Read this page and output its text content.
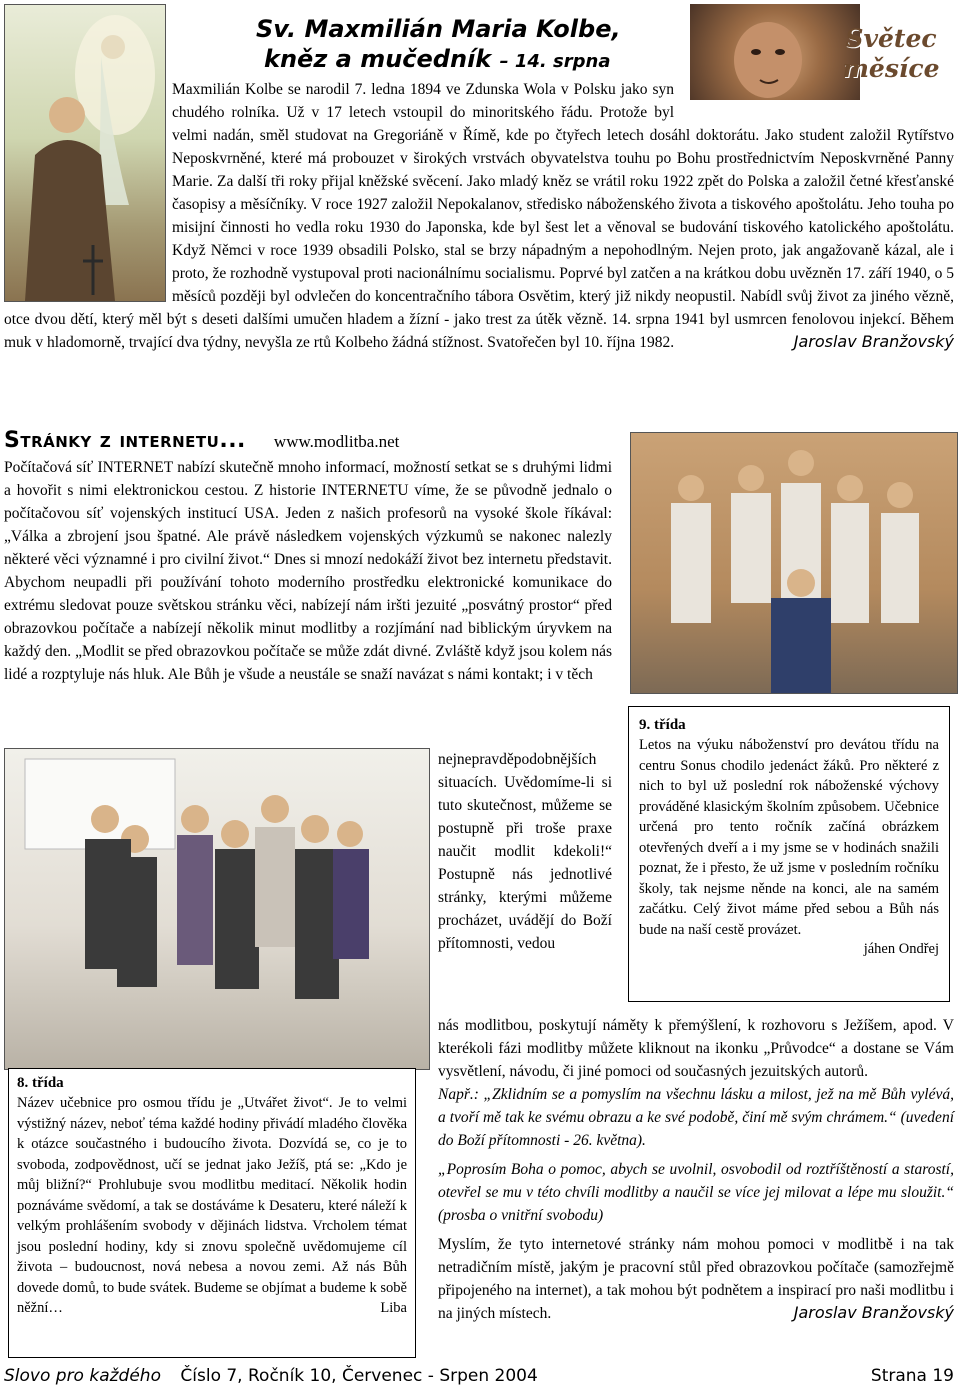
Sv. Maxmilián Maria Kolbe,
kněz a mučedník – 14. srpna
Světec
měsíce

Maxmilián Kolbe se narodil 7. ledna 1894 ve Zdunska Wola v Polsku jako syn chudého rolníka. Už v 17 letech vstoupil do minoritského řádu. Protože byl velmi nadán, směl studovat na Gregoriáně v Římě, kde po čtyřech letech dosáhl doktorátu. Jako student založil Rytířstvo Neposkvrněné, které má probouzet v širokých vrstvách obyvatelstva touhu po Bohu prostřednictvím Neposkvrněné Panny Marie. Za další tři roky přijal kněžské svěcení. Jako mladý kněz se vrátil roku 1922 zpět do Polska a založil četné křesťanské časopisy a měsíčníky. V roce 1927 založil Nepokalanov, středisko náboženského života a tiskového apoštolátu. Jeho touha po misijní činnosti ho vedla roku 1930 do Japonska, kde byl šest let a věnoval se budování tiskového katolického apoštolátu. Když Němci v roce 1939 obsadili Polsko, stal se brzy nápadným a nepohodlným. Nejen proto, jak angažovaně kázal, ale i proto, že rozhodně vystupoval proti nacionálnímu socialismu. Poprvé byl zatčen a na krátkou dobu uvězněn 17. září 1940, o 5 měsíců později byl odvlečen do koncentračního tábora Osvětim, který již nikdy neopustil. Nabídl svůj život za jiného vězně, otce dvou dětí, který měl být s deseti dalšími umučen hladem a žízní - jako trest za útěk vězně. 14. srpna 1941 byl usmrcen fenolovou injekcí. Během muk v hladomorně, trvající dva týdny, nevyšla ze rtů Kolbeho žádná stížnost. Svatořečen byl 10. října 1982.	Jaroslav Branžovský
Stránky z internetu... www.modlitba.net

Počítačová síť INTERNET nabízí skutečně mnoho informací, možností setkat se s druhými lidmi a hovořit s nimi elektronickou cestou. Z historie INTERNETU víme, že se původně jednalo o počítačovou síť vojenských institucí USA. Jeden z našich profesorů na vysoké škole říkával: „Válka a zbrojení jsou špatné. Ale právě následkem vojenských výzkumů se nakonec nalezly některé věci významné i pro civilní život.“ Dnes si mnozí nedokáží život bez internetu představit. Abychom neupadli při používání tohoto moderního prostředku elektronické komunikace do extrému sledovat pouze světskou stránku věci, nabízejí nám iršti jezuité „posvátný prostor“ před obrazovkou počítače a nabízejí několik minut modlitby a rozjímání nad biblickým úryvkem na každý den. „Modlit se před obrazovkou počítače se může zdát divné. Zvláště když jsou kolem nás lidé a rozptyluje nás hluk. Ale Bůh je všude a neustále se snaží navázat s námi kontakt; i v těch

nejnepravděpodobnějších situacích. Uvědomíme-li si tuto skutečnost, můžeme se postupně při troše praxe naučit modlit kdekoli!“ Postupně nás jednotlivé stránky, kterými můžeme procházet, uvádějí do Boží přítomnosti, vedou

9. třída

Letos na výuku náboženství pro devátou třídu na centru Sonus chodilo jedenáct žáků. Pro některé z nich to byl už poslední rok náboženské výchovy prováděné klasickým školním způsobem. Učebnice určená pro tento ročník začíná obrázkem otevřených dveří a i my jsme se v hodinách snažili poznat, že i přesto, že už jsme v posledním ročníku školy, tak nejsme něnde na konci, ale na samém začátku. Celý život máme před sebou a Bůh nás bude na naší cestě provázet.

jáhen Ondřej

nás modlitbou, poskytují náměty k přemýšlení, k rozhovoru s Ježíšem, apod. V kterékoli fázi modlitby můžete kliknout na ikonku „Průvodce“ a dostane se Vám vysvětlení, návodu, či jiné pomoci od současných jezuitských autorů.

Např.: „Zklidním se a pomyslím na všechnu lásku a milost, jež na mě Bůh vylévá, a tvoří mě tak ke svému obrazu a ke své podobě, činí mě svým chrámem.“ (uvedení do Boží přítomnosti - 26. května).

„Poprosím Boha o pomoc, abych se uvolnil, osvobodil od roztříštěností a starostí, otevřel se mu v této chvíli modlitby a naučil se více jej milovat a lépe mu sloužit.“ (prosba o vnitřní svobodu)

Myslím, že tyto internetové stránky nám mohou pomoci v modlitbě i na tak netradičním místě, jakým je pracovní stůl před obrazovkou počítače (samozřejmě připojeného na internet), a tak mohou být podnětem a inspirací pro naši modlitbu i na jiných místech.	Jaroslav Branžovský
8. třída

Název učebnice pro osmou třídu je „Utvářet život“. Je to velmi výstižný název, neboť téma každé hodiny přivádí mladého člověka k otázce součastného i budoucího života. Dozvídá se, co je to svoboda, zodpovědnost, učí se jednat jako Ježíš, ptá se: „Kdo je můj bližní?“ Prohlubuje svou modlitbu meditací. Několik hodin poznáváme svědomí, a tak se dostáváme k Desateru, které náleží k velkým prohlášením svobody v dějinách lidstva. Vrcholem témat jsou poslední hodiny, kdy si znovu společně uvědomujeme cíl života – budoucnost, nová nebesa a novou zemi. Až nás Bůh dovede domů, to bude svátek. Budeme se objímat a budeme k sobě něžní…	Liba

Slovo pro každého Číslo 7, Ročník 10, Červenec - Srpen 2004	Strana 19
